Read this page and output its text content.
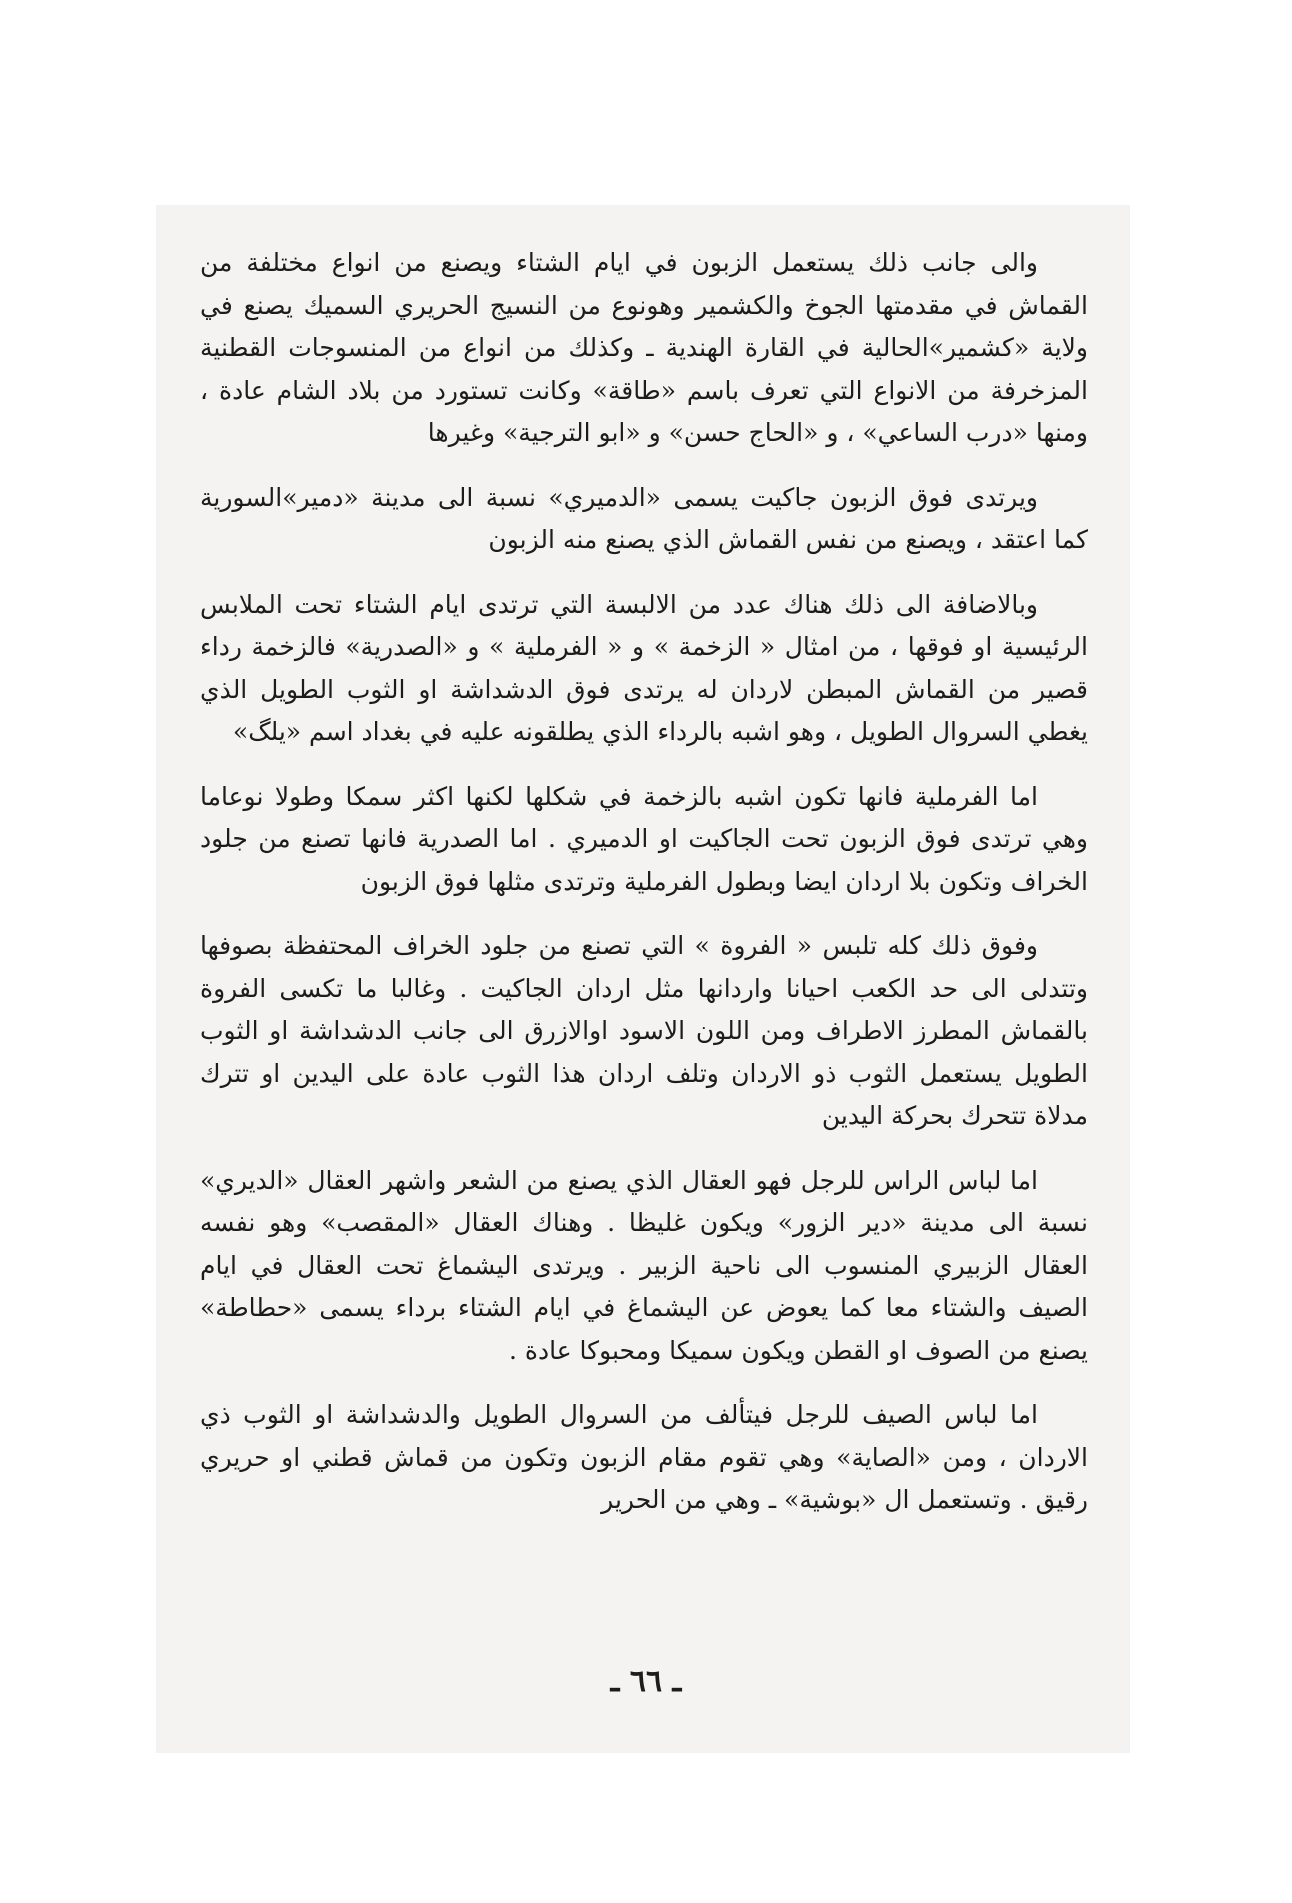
والى جانب ذلك يستعمل الزبون في ايام الشتاء ويصنع من انواع مختلفة من القماش في مقدمتها الجوخ والكشمير وهونوع من النسيج الحريري السميك يصنع في ولاية «كشمير»الحالية في القارة الهندية ـ وكذلك من انواع من المنسوجات القطنية المزخرفة من الانواع التي تعرف باسم «طاقة» وكانت تستورد من بلاد الشام عادة ، ومنها «درب الساعي» ، و «الحاج حسن» و «ابو الترجية» وغيرها

ويرتدى فوق الزبون جاكيت يسمى «الدميري» نسبة الى مدينة «دمير»السورية كما اعتقد ، ويصنع من نفس القماش الذي يصنع منه الزبون

وبالاضافة الى ذلك هناك عدد من الالبسة التي ترتدى ايام الشتاء تحت الملابس الرئيسية او فوقها ، من امثال « الزخمة » و « الفرملية » و «الصدرية» فالزخمة رداء قصير من القماش المبطن لاردان له يرتدى فوق الدشداشة او الثوب الطويل الذي يغطي السروال الطويل ، وهو اشبه بالرداء الذي يطلقونه عليه في بغداد اسم «يلگ»

اما الفرملية فانها تكون اشبه بالزخمة في شكلها لكنها اكثر سمكا وطولا نوعاما وهي ترتدى فوق الزبون تحت الجاكيت او الدميري . اما الصدرية فانها تصنع من جلود الخراف وتكون بلا اردان ايضا وبطول الفرملية وترتدى مثلها فوق الزبون

وفوق ذلك كله تلبس « الفروة » التي تصنع من جلود الخراف المحتفظة بصوفها وتتدلى الى حد الكعب احيانا واردانها مثل اردان الجاكيت . وغالبا ما تكسى الفروة بالقماش المطرز الاطراف ومن اللون الاسود اوالازرق الى جانب الدشداشة او الثوب الطويل يستعمل الثوب ذو الاردان وتلف اردان هذا الثوب عادة على اليدين او تترك مدلاة تتحرك بحركة اليدين

اما لباس الراس للرجل فهو العقال الذي يصنع من الشعر واشهر العقال «الديري» نسبة الى مدينة «دير الزور» ويكون غليظا . وهناك العقال «المقصب» وهو نفسه العقال الزبيري المنسوب الى ناحية الزبير . ويرتدى اليشماغ تحت العقال في ايام الصيف والشتاء معا كما يعوض عن اليشماغ في ايام الشتاء برداء يسمى «حطاطة» يصنع من الصوف او القطن ويكون سميكا ومحبوكا عادة .

اما لباس الصيف للرجل فيتألف من السروال الطويل والدشداشة او الثوب ذي الاردان ، ومن «الصاية» وهي تقوم مقام الزبون وتكون من قماش قطني او حريري رقيق . وتستعمل ال «بوشية» ـ وهي من الحرير

ـ ٦٦ ـ
